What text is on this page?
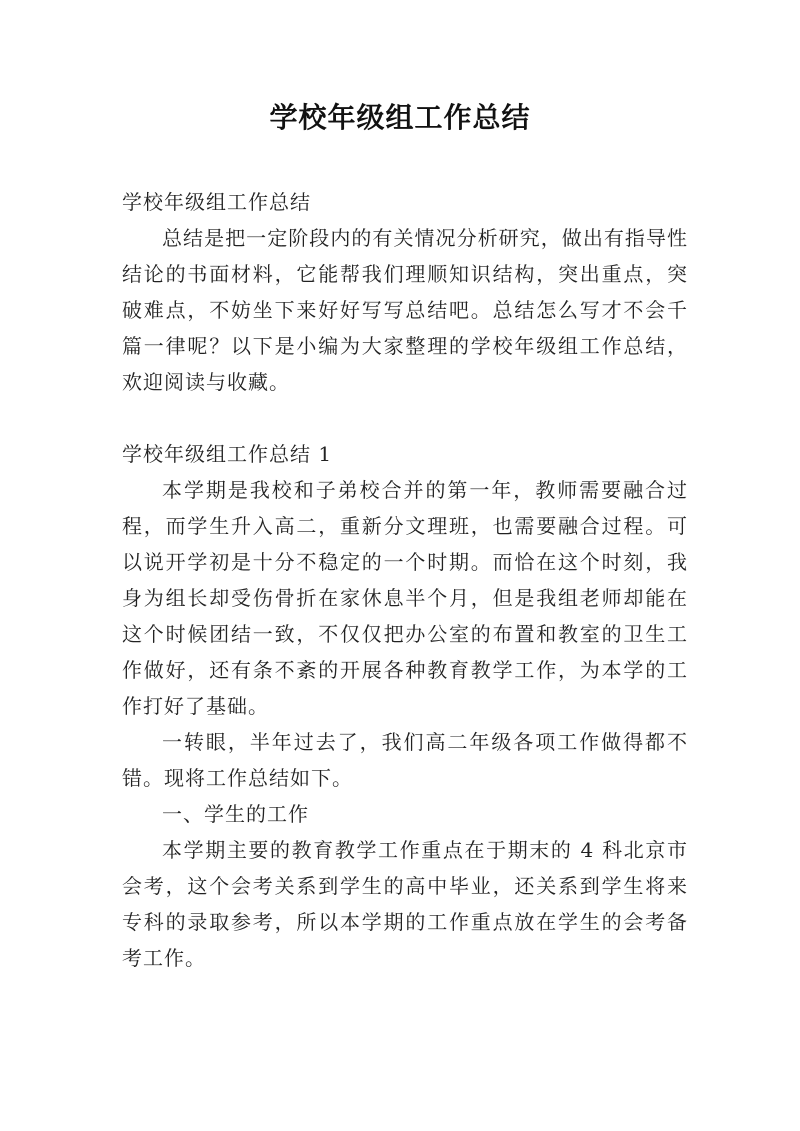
学校年级组工作总结

学校年级组工作总结

总结是把一定阶段内的有关情况分析研究，做出有指导性结论的书面材料，它能帮我们理顺知识结构，突出重点，突破难点，不妨坐下来好好写写总结吧。总结怎么写才不会千篇一律呢？以下是小编为大家整理的学校年级组工作总结，欢迎阅读与收藏。

学校年级组工作总结 1

本学期是我校和子弟校合并的第一年，教师需要融合过程，而学生升入高二，重新分文理班，也需要融合过程。可以说开学初是十分不稳定的一个时期。而恰在这个时刻，我身为组长却受伤骨折在家休息半个月，但是我组老师却能在这个时候团结一致，不仅仅把办公室的布置和教室的卫生工作做好，还有条不紊的开展各种教育教学工作，为本学的工作打好了基础。

一转眼，半年过去了，我们高二年级各项工作做得都不错。现将工作总结如下。

一、学生的工作

本学期主要的教育教学工作重点在于期末的 4 科北京市会考，这个会考关系到学生的高中毕业，还关系到学生将来专科的录取参考，所以本学期的工作重点放在学生的会考备考工作。
